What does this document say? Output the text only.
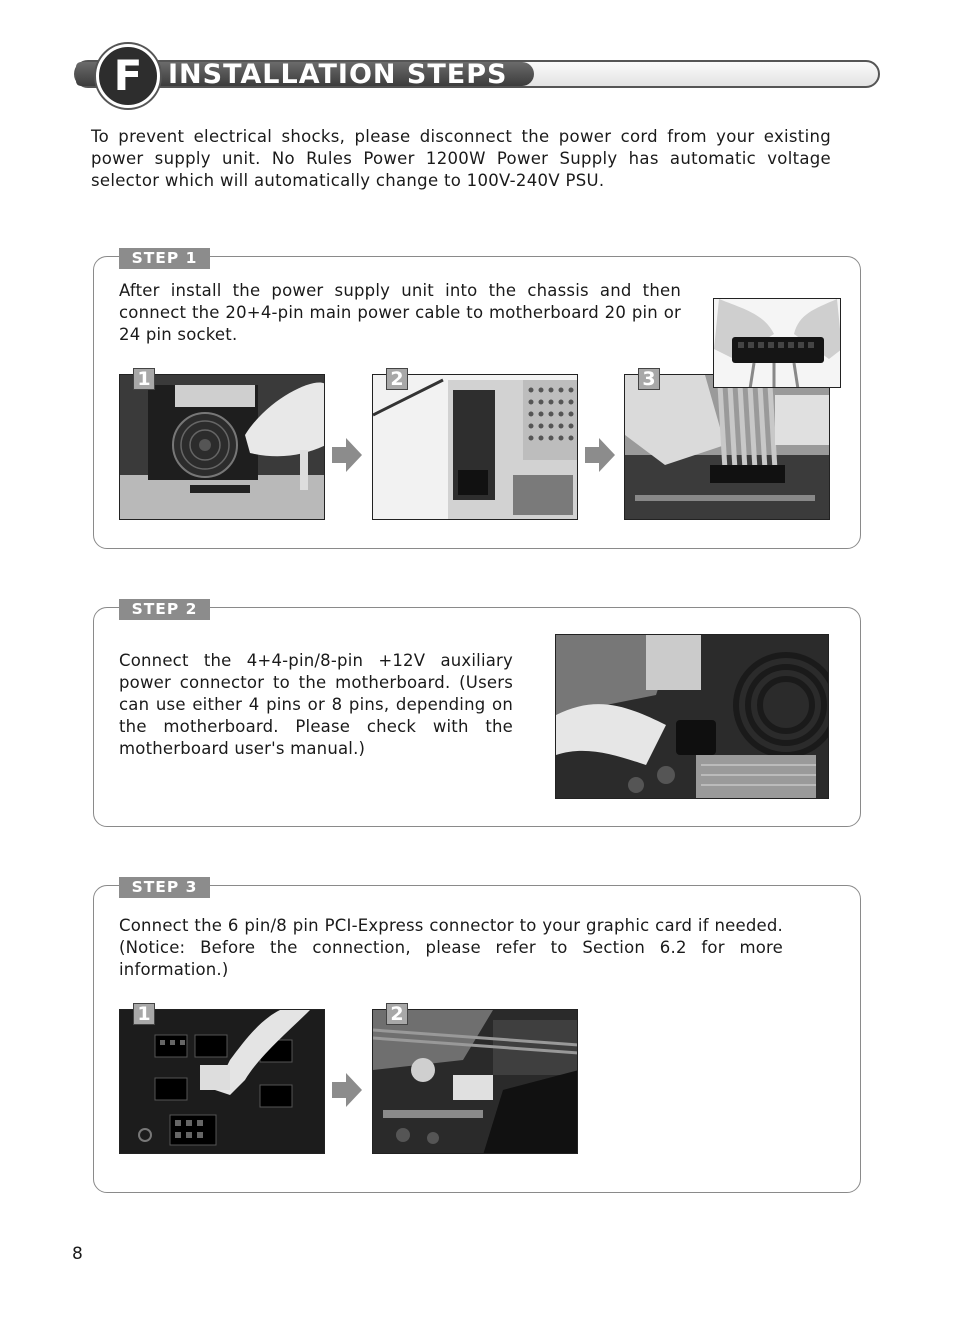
F INSTALLATION STEPS
To prevent electrical shocks, please disconnect the power cord from your existing power supply unit. No Rules Power 1200W Power Supply has automatic voltage selector which will automatically change to 100V-240V PSU.
STEP 1
After install the power supply unit into the chassis and then connect the 20+4-pin main power cable to motherboard 20 pin or 24 pin socket.
1	2	3
STEP 2
Connect the 4+4-pin/8-pin +12V auxiliary power connector to the motherboard. (Users can use either 4 pins or 8 pins, depending on the motherboard. Please check with the motherboard user's manual.)
STEP 3
Connect the 6 pin/8 pin PCI-Express connector to your graphic card if needed. (Notice: Before the connection, please refer to Section 6.2 for more information.)
1	2
8
